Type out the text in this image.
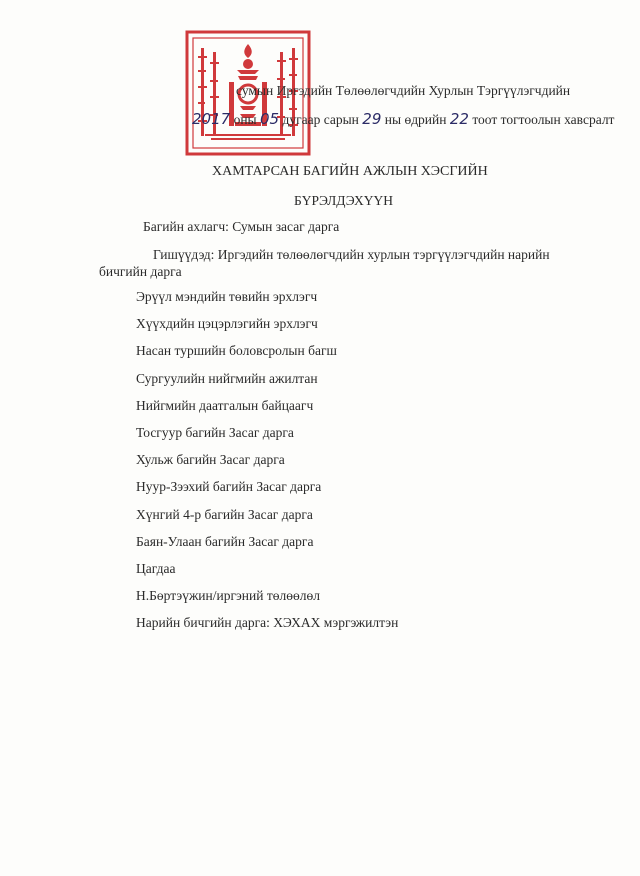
сумын Иргэдийн Төлөөлөгчдийн Хурлын Тэргүүлэгчдийн
2017 оны 05 дугаар сарын 29 ны өдрийн 22 тоот тогтоолын хавсралт
ХАМТАРСАН БАГИЙН АЖЛЫН ХЭСГИЙН
БҮРЭЛДЭХҮҮН
Багийн ахлагч: Сумын засаг дарга
Гишүүдэд: Иргэдийн төлөөлөгчдийн хурлын тэргүүлэгчдийн нарийн
бичгийн дарга
Эрүүл мэндийн төвийн эрхлэгч
Хүүхдийн цэцэрлэгийн эрхлэгч
Насан туршийн боловсролын багш
Сургуулийн нийгмийн ажилтан
Нийгмийн даатгалын байцаагч
Тосгуур багийн Засаг дарга
Хульж багийн Засаг дарга
Нуур-Зээхий багийн Засаг дарга
Хүнгий 4-р багийн Засаг дарга
Баян-Улаан багийн Засаг дарга
Цагдаа
Н.Бөртэүжин/иргэний төлөөлөл
Нарийн бичгийн дарга: ХЭХАХ мэргэжилтэн
